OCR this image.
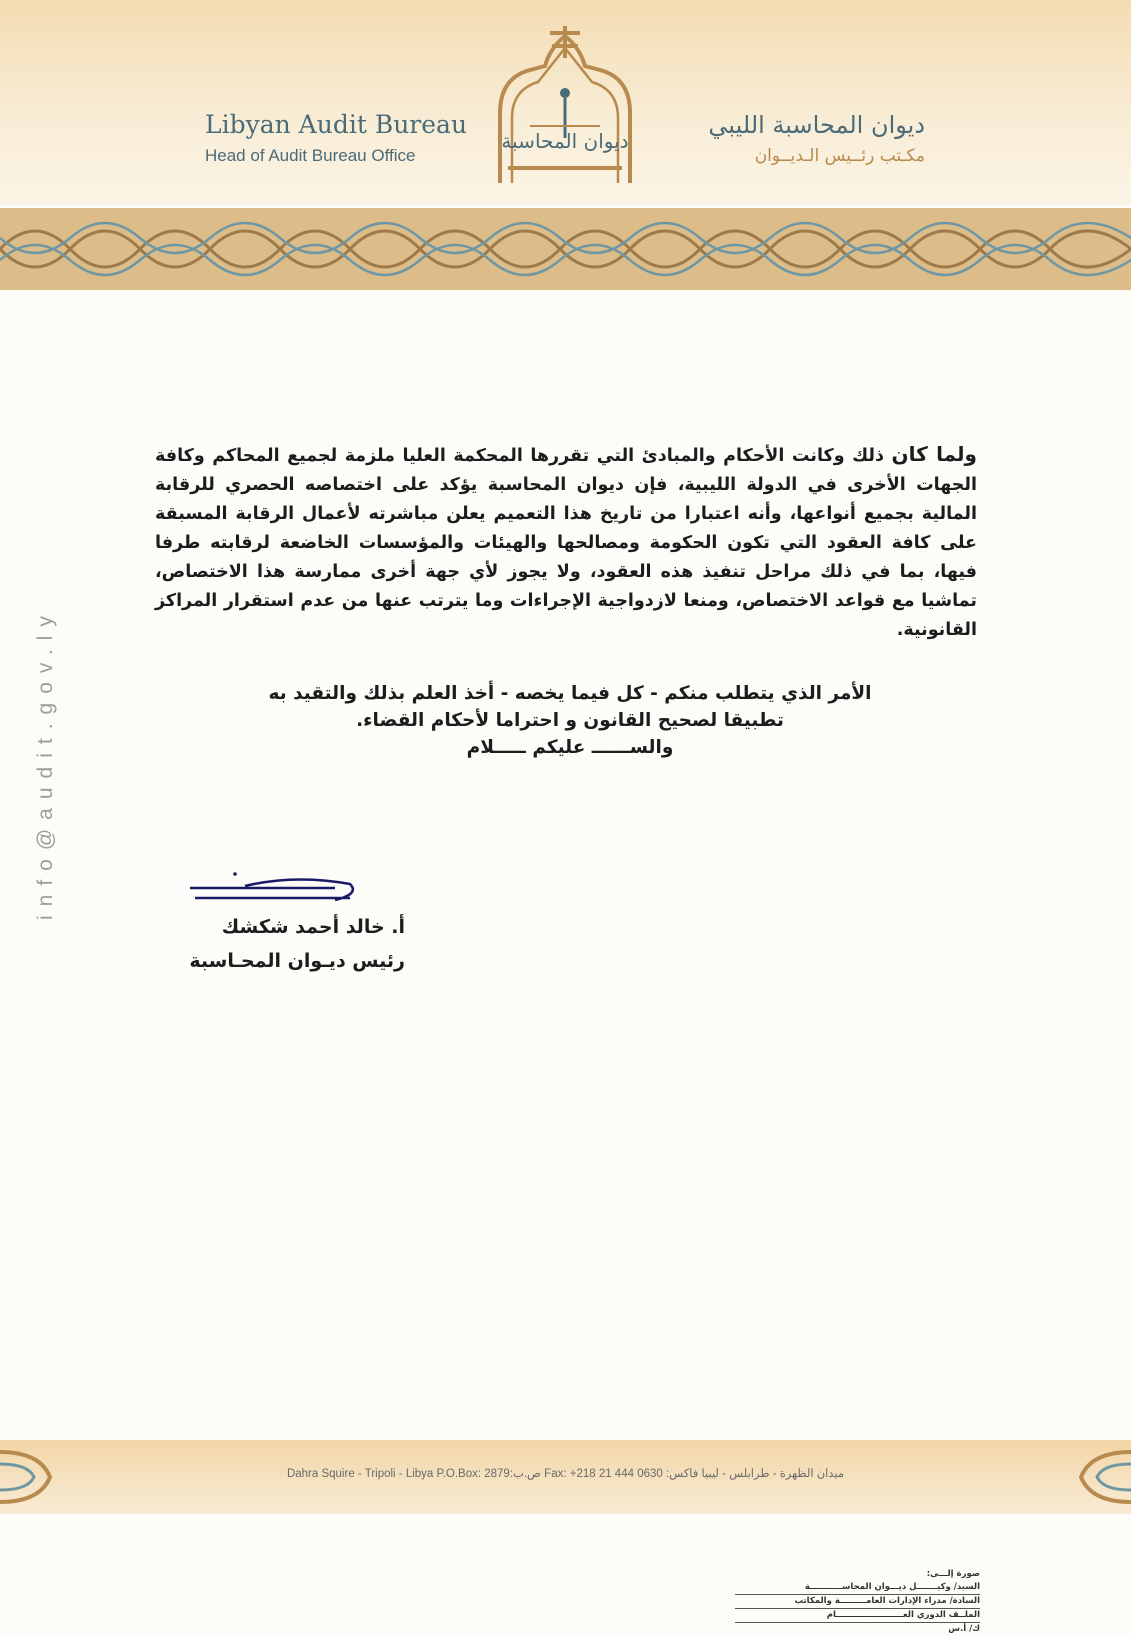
Libyan Audit Bureau
Head of Audit Bureau Office
ديوان المحاسبة
ديوان المحاسبة الليبي
مكـتب رئــيس الـديــوان
info@audit.gov.ly
ولما كان ذلك وكانت الأحكام والمبادئ التي تقررها المحكمة العليا ملزمة لجميع المحاكم وكافة الجهات الأخرى في الدولة الليبية، فإن ديوان المحاسبة يؤكد على اختصاصه الحصري للرقابة المالية بجميع أنواعها، وأنه اعتبارا من تاريخ هذا التعميم يعلن مباشرته لأعمال الرقابة المسبقة على كافة العقود التي تكون الحكومة ومصالحها والهيئات والمؤسسات الخاضعة لرقابته طرفا فيها، بما في ذلك مراحل تنفيذ هذه العقود، ولا يجوز لأي جهة أخرى ممارسة هذا الاختصاص، تماشيا مع قواعد الاختصاص، ومنعا لازدواجية الإجراءات وما يترتب عنها من عدم استقرار المراكز القانونية.
الأمر الذي يتطلب منكم - كل فيما يخصه - أخذ العلم بذلك والتقيد به
تطبيقا لصحيح القانون و احتراما لأحكام القضاء.
والســــــ عليكم ـــــلام
أ. خالد أحمد شكشك
رئيس ديـوان المحـاسبة
صورة إلـــى:
السيد/ وكيـــــــل ديـــوان المحاســـــــــــة
السادة/ مدراء الإدارات العامـــــــــة والمكاتب
الملــف الدوري العـــــــــــــــــــــــام
ك/ أ.س
Dahra Squire - Tripoli - Libya P.O.Box: 2879:ص.ب Fax: +218 21 444 0630 :ميدان الظهرة - طرابلس - ليبيا فاكس
